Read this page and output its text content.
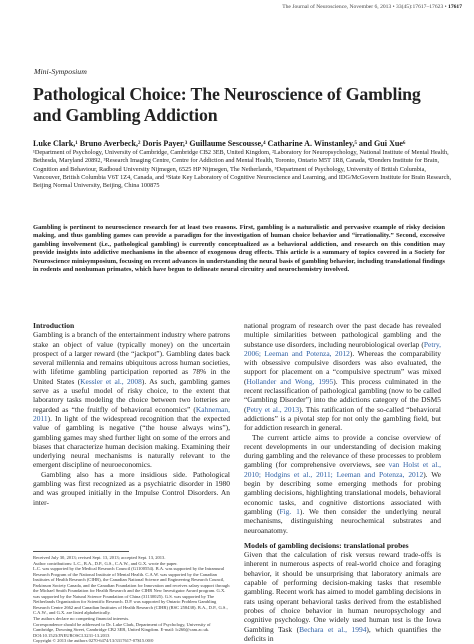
The Journal of Neuroscience, November 6, 2013 • 33(45):17617–17623 • 17617
Mini-Symposium
Pathological Choice: The Neuroscience of Gambling and Gambling Addiction
Luke Clark,¹ Bruno Averbeck,² Doris Payer,³ Guillaume Sescousse,⁴ Catharine A. Winstanley,⁵ and Gui Xue⁶
¹Department of Psychology, University of Cambridge, Cambridge CB2 3EB, United Kingdom, ²Laboratory for Neuropsychology, National Institute of Mental Health, Bethesda, Maryland 20892, ³Research Imaging Centre, Centre for Addiction and Mental Health, Toronto, Ontario M5T 1R8, Canada, ⁴Donders Institute for Brain, Cognition and Behaviour, Radboud University Nijmegen, 6525 HP Nijmegen, The Netherlands, ⁵Department of Psychology, University of British Columbia, Vancouver, British Columbia V6T 1Z4, Canada, and ⁶State Key Laboratory of Cognitive Neuroscience and Learning, and IDG/McGovern Institute for Brain Research, Beijing Normal University, Beijing, China 100875
Gambling is pertinent to neuroscience research for at least two reasons. First, gambling is a naturalistic and pervasive example of risky decision making, and thus gambling games can provide a paradigm for the investigation of human choice behavior and “irrationality.” Second, excessive gambling involvement (i.e., pathological gambling) is currently conceptualized as a behavioral addiction, and research on this condition may provide insights into addictive mechanisms in the absence of exogenous drug effects. This article is a summary of topics covered in a Society for Neuroscience minisymposium, focusing on recent advances in understanding the neural basis of gambling behavior, including translational findings in rodents and nonhuman primates, which have begun to delineate neural circuitry and neurochemistry involved.
Introduction

Gambling is a branch of the entertainment industry where patrons stake an object of value (typically money) on the uncertain prospect of a larger reward (the “jackpot”). Gambling dates back several millennia and remains ubiquitous across human societies, with lifetime gambling participation reported as 78% in the United States (Kessler et al., 2008). As such, gambling games serve as a useful model of risky choice, to the extent that laboratory tasks modeling the choice between two lotteries are regarded as “the fruitfly of behavioral economics” (Kahneman, 2011). In light of the widespread recognition that the expected value of gambling is negative (“the house always wins”), gambling games may shed further light on some of the errors and biases that characterize human decision making. Examining their underlying neural mechanisms is naturally relevant to the emergent discipline of neuroeconomics.

Gambling also has a more insidious side. Pathological gambling was first recognized as a psychiatric disorder in 1980 and was grouped initially in the Impulse Control Disorders. An inter-

national program of research over the past decade has revealed multiple similarities between pathological gambling and the substance use disorders, including neurobiological overlap (Petry, 2006; Leeman and Potenza, 2012). Whereas the comparability with obsessive compulsive disorders was also evaluated, the support for placement on a “compulsive spectrum” was mixed (Hollander and Wong, 1995). This process culminated in the recent reclassification of pathological gambling (now to be called “Gambling Disorder”) into the addictions category of the DSM5 (Petry et al., 2013). This ratification of the so-called “behavioral addictions” is a pivotal step for not only the gambling field, but for addiction research in general.

The current article aims to provide a concise overview of recent developments in our understanding of decision making during gambling and the relevance of these processes to problem gambling (for comprehensive overviews, see van Holst et al., 2010; Hodgins et al., 2011; Leeman and Potenza, 2012). We begin by describing some emerging methods for probing gambling decisions, highlighting translational models, behavioral economic tasks, and cognitive distortions associated with gambling (Fig. 1). We then consider the underlying neural mechanisms, distinguishing neurochemical substrates and neuroanatomy.

Models of gambling decisions: translational probes

Given that the calculation of risk versus reward trade-offs is inherent in numerous aspects of real-world choice and foraging behavior, it should be unsurprising that laboratory animals are capable of performing decision-making tasks that resemble gambling. Recent work has aimed to model gambling decisions in rats using operant behavioral tasks derived from the established probes of choice behavior in human neuropsychology and cognitive psychology. One widely used human test is the Iowa Gambling Task (Bechara et al., 1994), which quantifies the deficits in

Received July 30, 2013; revised Sept. 13, 2013; accepted Sept. 13, 2013.

Author contributions: L.C., B.A., D.P., G.S., C.A.W., and G.X. wrote the paper.

L.C. was supported by the Medical Research Council (G1100554). B.A. was supported by the Intramural Research Program of the National Institute of Mental Health. C.A.W. was supported by the Canadian Institutes of Health Research (CIHR), the Canadian National Science and Engineering Research Council, Parkinson Society Canada, and the Canadian Foundation for Innovation and receives salary support through the Michael Smith Foundation for Health Research and the CIHR New Investigator Award program. G.X. was supported by the Natural Science Foundation of China (31130025). G.S. was supported by The Netherlands Organization for Scientific Research. D.P. was supported by Ontario Problem Gambling Research Centre 2662 and Canadian Institutes of Health Research (CIHR) (RSC 258438). B.A., D.P., G.S., C.A.W., and G.X. are listed alphabetically.

The authors declare no competing financial interests.

Correspondence should be addressed to Dr. Luke Clark, Department of Psychology, University of Cambridge, Downing Street, Cambridge CB2 3EB, United Kingdom. E-mail: lc260@cam.ac.uk.

DOI:10.1523/JNEUROSCI.3231-13.2013

Copyright © 2013 the authors 0270-6474/13/3317617-07$15.00/0
